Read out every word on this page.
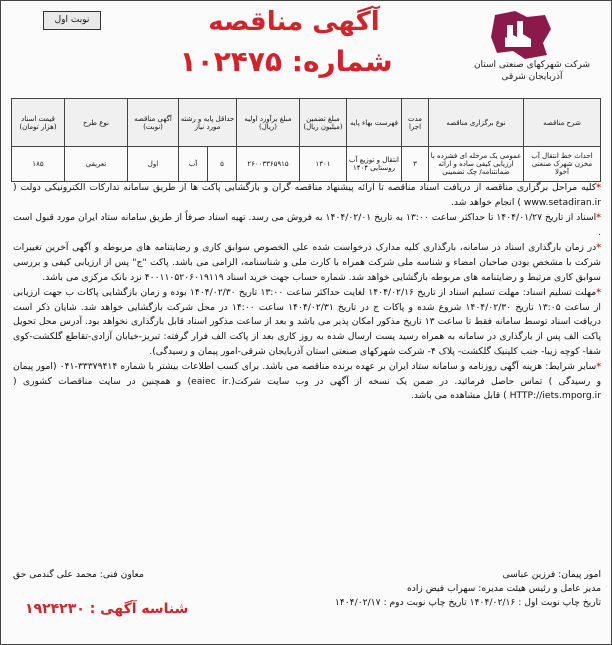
نوبت اول	آگهی مناقصه
شماره: ۱۰۲۴۷۵	شرکت شهرکهای صنعتی استان
آذربایجان شرقی
شرح مناقصه	نوع برگزاری مناقصه	مدت اجرا	فهرست بهاء پایه	مبلغ تضمین (میلیون ریال)	مبلغ برآورد اولیه (ریال)	حداقل پایه و رشته مورد نیاز		آگهی مناقصه (نوبت)	نوع طرح	قیمت اسناد (هزار تومان)
احداث خط انتقال آب مخزن شهرک صنعتی آخولا	عمومی یک مرحله ای فشرده با ارزیابی کیفی ساده و ارائه ضمانتنامه/ چک تضمینی	۳	انتقال و توزیع آب روستایی ۱۴۰۴	۱۳۰۱	۲۶۰۰۳۳۶۵۹۱۵	۵	آب	اول	تعریفی	۱۸۵

*کلیه مراحل برگزاری مناقصه از دریافت اسناد مناقصه تا ارائه پیشنهاد مناقصه گران و بازگشایی پاکت ها از طریق سامانه تدارکات الکترونیکی دولت ( www.setadiran.ir ) انجام خواهد شد.

*اسناد از تاریخ ۱۴۰۴/۰۱/۲۷ تا حداکثر ساعت ۱۳:۰۰ به تاریخ ۱۴۰۴/۰۲/۰۱ به فروش می رسد. تهیه اسناد صرفاً از طریق سامانه ستاد ایران مورد قبول است .

*در زمان بارگذاری اسناد در سامانه، بارگذاری کلیه مدارک درخواست شده علی الخصوص سوابق کاری و رضایتنامه های مربوطه و آگهی آخرین تغییرات شرکت با مشخص بودن صاحبان امضاء و شناسه ملی شرکت همراه با کارت ملی و شناسنامه، الزامی می باشد. پاکت "ج" پس از ارزیابی کیفی و بررسی سوابق کاری مرتبط و رضایتنامه های مربوطه بازگشایی خواهد شد. شماره حساب جهت خرید اسناد ۴۰۰۱۱۰۵۲۰۶۰۱۹۱۱۹ نزد بانک مرکزی می باشد.

*مهلت تسلیم اسناد: مهلت تسلیم اسناد از تاریخ ۱۴۰۴/۰۲/۱۶ لغایت حداکثر ساعت ۱۳:۰۰ تاریخ ۱۴۰۴/۰۲/۳۰ بوده و زمان بازگشایی پاکات ب جهت ارزیابی از ساعت ۱۳:۰۵ تاریخ ۱۴۰۴/۰۲/۳۰ شروع شده و پاکات ج در تاریخ ۱۴۰۴/۰۲/۳۱ ساعت ۱۴:۰۰ در محل شرکت بازگشایی خواهد شد. شایان ذکر است دریافت اسناد توسط سامانه فقط تا ساعت ۱۳ تاریخ مذکور امکان پذیر می باشد و بعد از ساعت مذکور اسناد قابل بارگذاری نخواهد بود. آدرس محل تحویل پاکت الف پس از بارگذاری در سامانه به همراه رسید پست ارسال شده به روز کاری بعد از پاکت الف فرار گرفته: تبریز-خیابان آزادی-تقاطع گلکشت-کوی شفا- کوچه زیبا- جنب کلینیک گلکشت- پلاک ۴- شرکت شهرکهای صنعتی استان آذربایجان شرقی-امور پیمان و رسیدگی).

*سایر شرایط: هزینه آگهی روزنامه و سامانه ستاد ایران بر عهده برنده مناقصه می باشد. برای کسب اطلاعات بیشتر با شماره ۳۳۳۷۹۴۱۴-۰۴۱ (امور پیمان و رسیدگی ) تماس حاصل فرمائید. در ضمن یک نسخه از آگهی در وب سایت شرکت(.eaiec ir) و همچنین در سایت مناقصات کشوری ( HTTP://iets.mporg.ir ) قابل مشاهده می باشد.

امور پیمان: فرزین عباسی
معاون فنی: محمد علی گندمی حق
مدیر عامل و رئیس هیئت مدیره: سهراب فیض زاده
تاریخ چاپ نوبت اول : ۱۴۰۴/۰۲/۱۶ تاریخ چاپ نوبت دوم : ۱۴۰۴/۰۲/۱۷
شناسه آگهی : ۱۹۲۴۲۳۰
